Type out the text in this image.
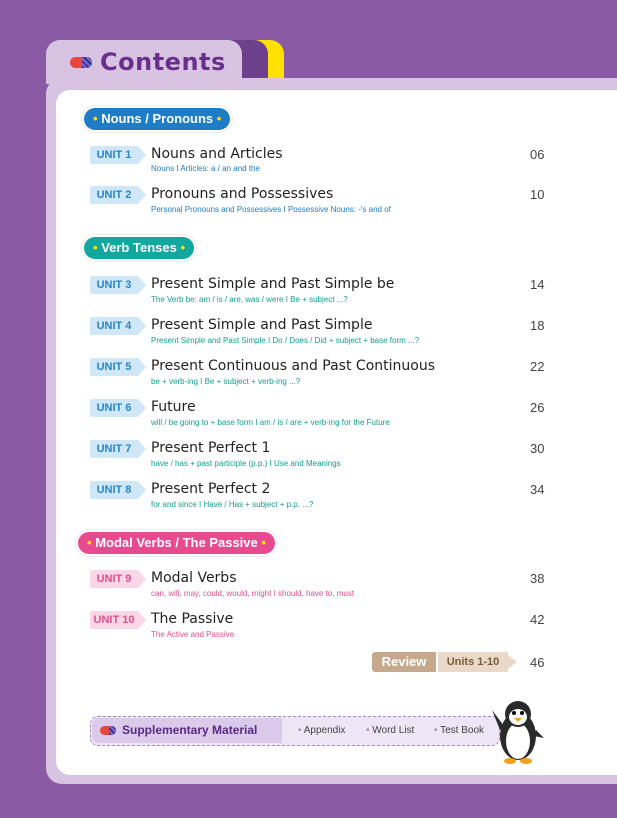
Contents
• Nouns / Pronouns •
• Verb Tenses •
• Modal Verbs / The Passive •
UNIT 1	Nouns and Articles
Nouns I Articles: a / an and the
06
UNIT 2	Pronouns and Possessives
Personal Pronouns and Possessives I Possessive Nouns: -'s and of
10
UNIT 3	Present Simple and Past Simple be
The Verb be: am / is / are, was / were I Be + subject ...?
14
UNIT 4	Present Simple and Past Simple
Present Simple and Past Simple I Do / Does / Did + subject + base form ...?
18
UNIT 5	Present Continuous and Past Continuous
be + verb-ing I Be + subject + verb-ing ...?
22
UNIT 6	Future
will / be going to + base form I am / is / are + verb-ing for the Future
26
UNIT 7	Present Perfect 1
have / has + past participle (p.p.) I Use and Meanings
30
UNIT 8	Present Perfect 2
for and since I Have / Has + subject + p.p. ...?
34
UNIT 9	Modal Verbs
can, will, may, could, would, might I should, have to, must
38
UNIT 10 The Passive
The Active and Passive
42
Review	Units 1-10	46
Supplementary Material	• Appendix • Word List • Test Book
